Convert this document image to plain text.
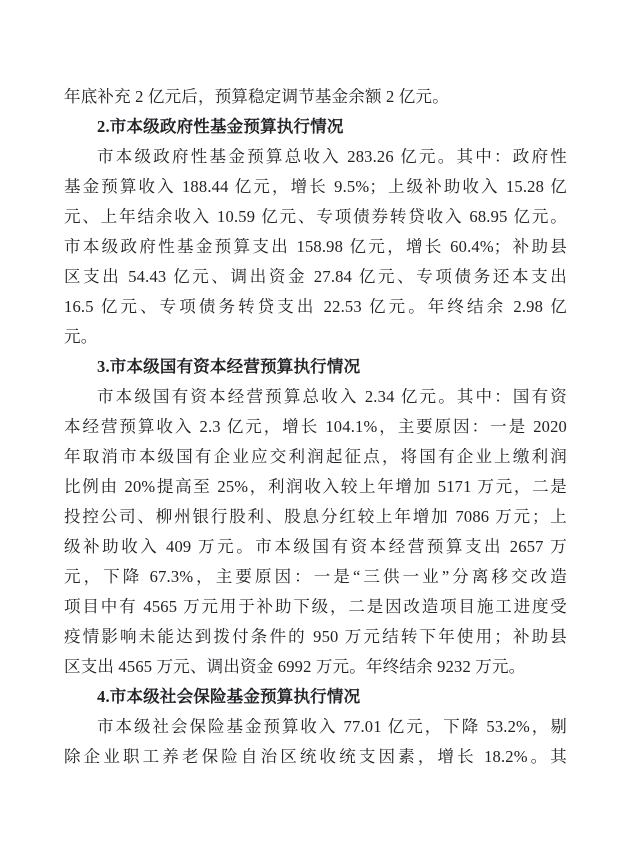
年底补充 2 亿元后，预算稳定调节基金余额 2 亿元。
2.市本级政府性基金预算执行情况
市本级政府性基金预算总收入 283.26 亿元。其中：政府性
基金预算收入 188.44 亿元，增长 9.5%；上级补助收入 15.28 亿
元、上年结余收入 10.59 亿元、专项债券转贷收入 68.95 亿元。
市本级政府性基金预算支出 158.98 亿元，增长 60.4%；补助县
区支出 54.43 亿元、调出资金 27.84 亿元、专项债务还本支出
16.5 亿元、专项债务转贷支出 22.53 亿元。年终结余 2.98 亿
元。
3.市本级国有资本经营预算执行情况
市本级国有资本经营预算总收入 2.34 亿元。其中：国有资
本经营预算收入 2.3 亿元，增长 104.1%，主要原因：一是 2020
年取消市本级国有企业应交利润起征点，将国有企业上缴利润
比例由 20%提高至 25%，利润收入较上年增加 5171 万元，二是
投控公司、柳州银行股利、股息分红较上年增加 7086 万元；上
级补助收入 409 万元。市本级国有资本经营预算支出 2657 万
元，下降 67.3%，主要原因：一是“三供一业”分离移交改造
项目中有 4565 万元用于补助下级，二是因改造项目施工进度受
疫情影响未能达到拨付条件的 950 万元结转下年使用；补助县
区支出 4565 万元、调出资金 6992 万元。年终结余 9232 万元。
4.市本级社会保险基金预算执行情况
市本级社会保险基金预算收入 77.01 亿元，下降 53.2%，剔
除企业职工养老保险自治区统收统支因素，增长 18.2%。其
